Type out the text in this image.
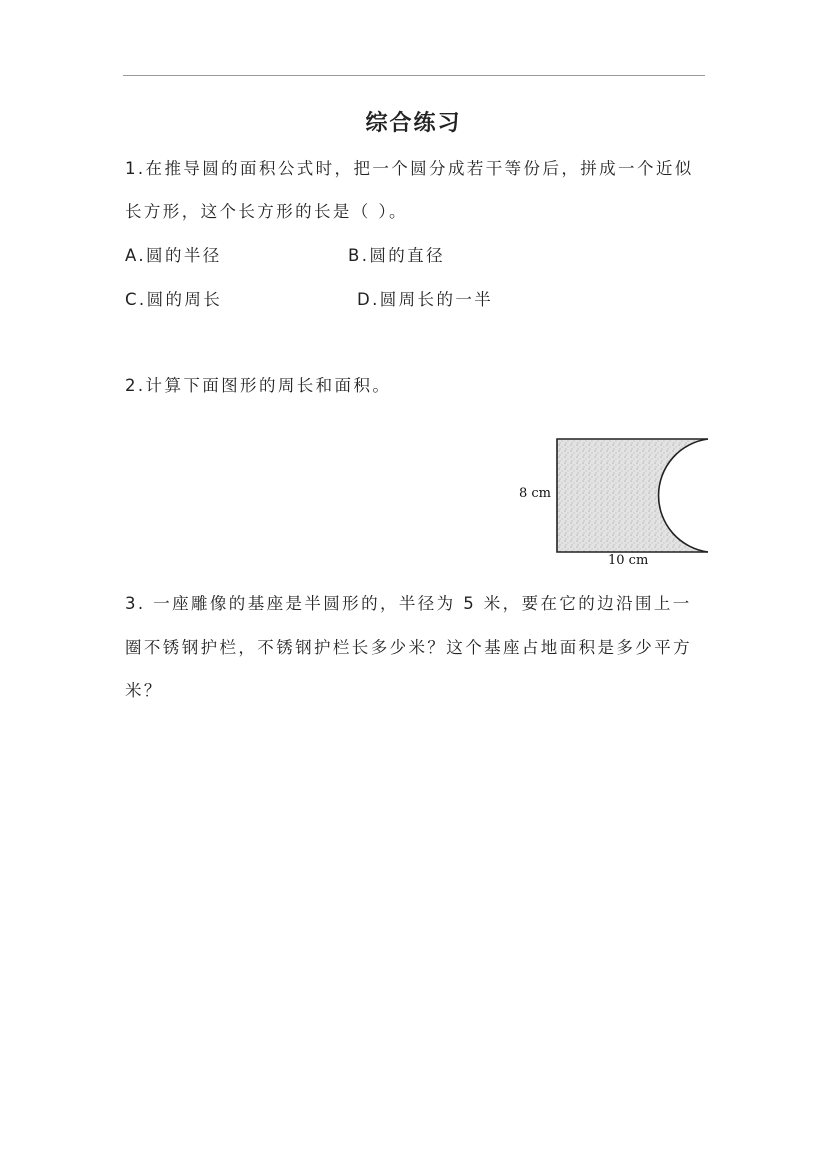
综合练习
1.在推导圆的面积公式时，把一个圆分成若干等份后，拼成一个近似
长方形，这个长方形的长是（ ）。
A.圆的半径	B.圆的直径
C.圆的周长	D.圆周长的一半
2.计算下面图形的周长和面积。
8 cm
10 cm
3. 一座雕像的基座是半圆形的，半径为 5 米，要在它的边沿围上一
圈不锈钢护栏，不锈钢护栏长多少米？这个基座占地面积是多少平方
米？
